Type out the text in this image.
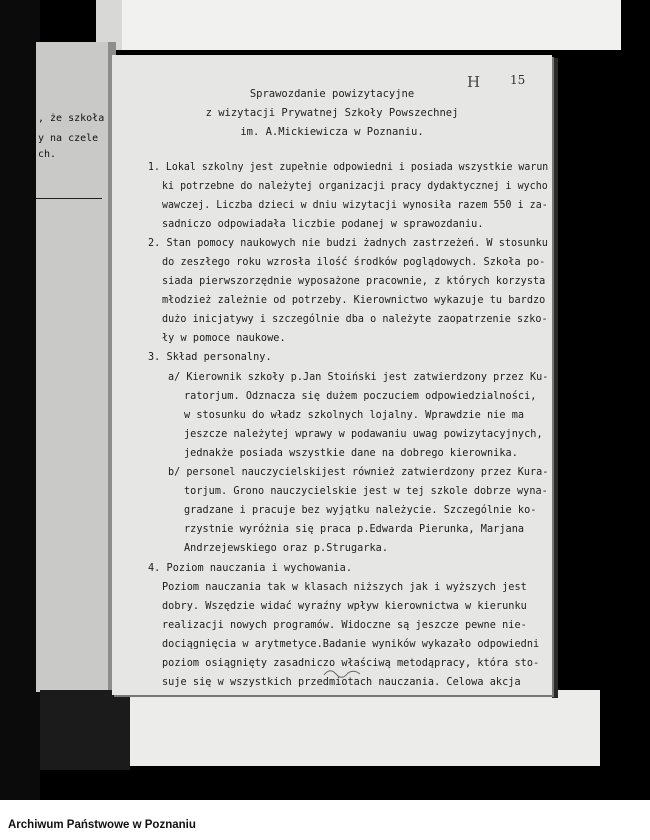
, że szkoła
y na czele
ch.
H 15
Sprawozdanie powizytacyjne
z wizytacji Prywatnej Szkoły Powszechnej
im. A.Mickiewicza w Poznaniu.
1. Lokal szkolny jest zupełnie odpowiedni i posiada wszystkie warun
ki potrzebne do należytej organizacji pracy dydaktycznej i wycho
wawczej. Liczba dzieci w dniu wizytacji wynosiła razem 550 i za-
sadniczo odpowiadała liczbie podanej w sprawozdaniu.
2. Stan pomocy naukowych nie budzi żadnych zastrzeżeń. W stosunku
do zeszłego roku wzrosła ilość środków poglądowych. Szkoła po-
siada pierwszorzędnie wyposażone pracownie, z których korzysta
młodzież zależnie od potrzeby. Kierownictwo wykazuje tu bardzo
dużo inicjatywy i szczególnie dba o należyte zaopatrzenie szko-
ły w pomoce naukowe.
3. Skład personalny.
a/ Kierownik szkoły p.Jan Stoiński jest zatwierdzony przez Ku-
ratorjum. Odznacza się dużem poczuciem odpowiedzialności,
w stosunku do władz szkolnych lojalny. Wprawdzie nie ma
jeszcze należytej wprawy w podawaniu uwag powizytacyjnych,
jednakże posiada wszystkie dane na dobrego kierownika.
b/ personel nauczycielskijest również zatwierdzony przez Kura-
torjum. Grono nauczycielskie jest w tej szkole dobrze wyna-
gradzane i pracuje bez wyjątku należycie. Szczególnie ko-
rzystnie wyróżnia się praca p.Edwarda Pierunka, Marjana
Andrzejewskiego oraz p.Strugarka.
4. Poziom nauczania i wychowania.
Poziom nauczania tak w klasach niższych jak i wyższych jest
dobry. Wszędzie widać wyraźny wpływ kierownictwa w kierunku
realizacji nowych programów. Widoczne są jeszcze pewne nie-
dociągnięcia w arytmetyce.Badanie wyników wykazało odpowiedni
poziom osiągnięty zasadniczo właściwą metodąpracy, która sto-
suje się w wszystkich przedmiotach nauczania. Celowa akcja
Archiwum Państwowe w Poznaniu
